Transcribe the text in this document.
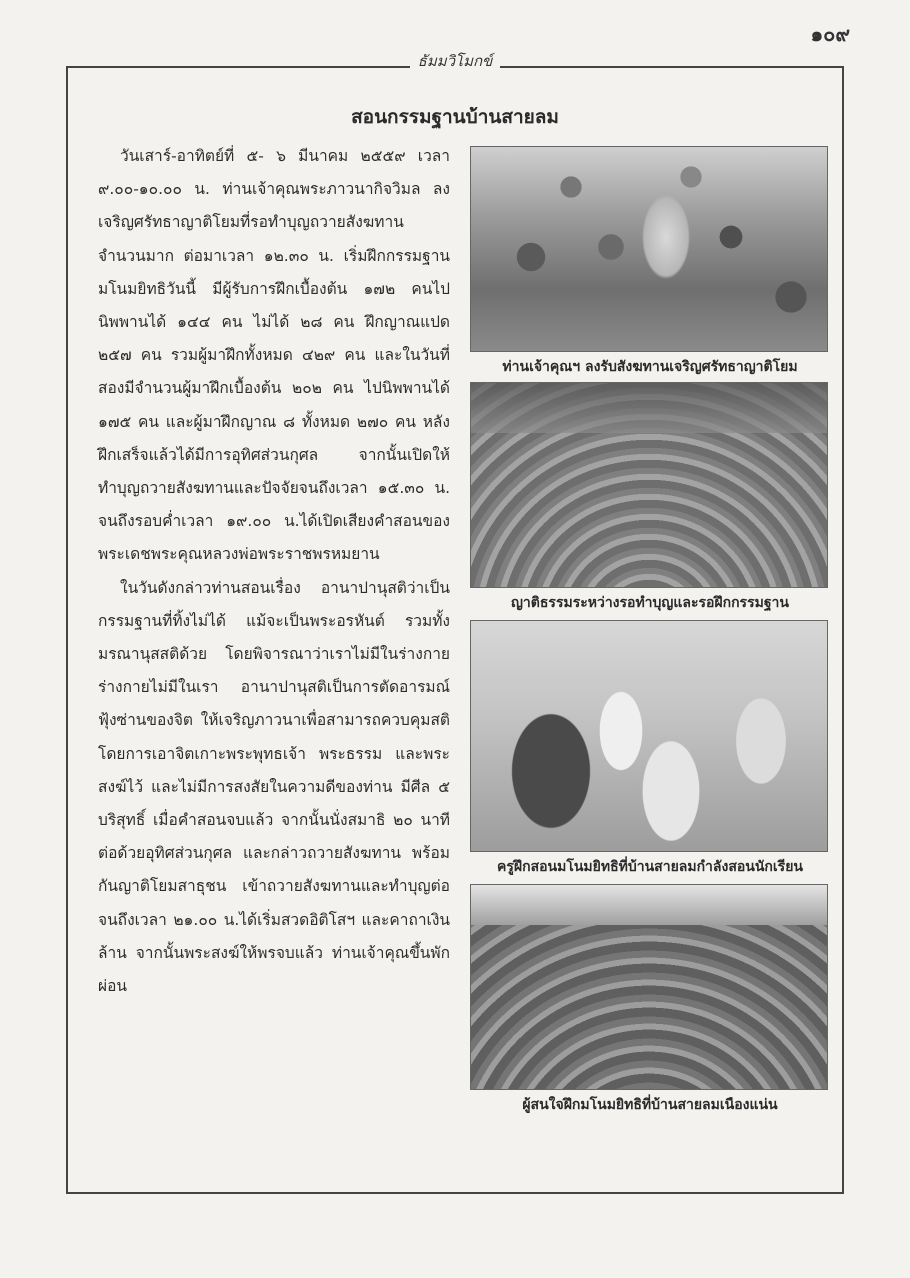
๑๐๙
ธัมมวิโมกข์
สอนกรรมฐานบ้านสายลม

วันเสาร์-อาทิตย์ที่ ๕- ๖ มีนาคม ๒๕๕๙ เวลา ๙.๐๐-๑๐.๐๐ น. ท่านเจ้าคุณพระภาวนากิจวิมล ลงเจริญศรัทธาญาติโยมที่รอทำบุญถวายสังฆทาน จำนวนมาก ต่อมาเวลา ๑๒.๓๐ น. เริ่มฝึกกรรมฐานมโนมยิทธิวันนี้ มีผู้รับการฝึกเบื้องต้น ๑๗๒ คนไปนิพพานได้ ๑๔๔ คน ไม่ได้ ๒๘ คน ฝึกญาณแปด ๒๕๗ คน รวมผู้มาฝึกทั้งหมด ๔๒๙ คน และในวันที่สองมีจำนวนผู้มาฝึกเบื้องต้น ๒๐๒ คน ไปนิพพานได้ ๑๗๕ คน และผู้มาฝึกญาณ ๘ ทั้งหมด ๒๗๐ คน หลังฝึกเสร็จแล้วได้มีการอุทิศส่วนกุศล จากนั้นเปิดให้ทำบุญถวายสังฆทานและปัจจัยจนถึงเวลา ๑๕.๓๐ น. จนถึงรอบค่ำเวลา ๑๙.๐๐ น.ได้เปิดเสียงคำสอนของพระเดชพระคุณหลวงพ่อพระราชพรหมยาน

ในวันดังกล่าวท่านสอนเรื่อง อานาปานุสติว่าเป็นกรรมฐานที่ทิ้งไม่ได้ แม้จะเป็นพระอรหันต์ รวมทั้งมรณานุสสติด้วย โดยพิจารณาว่าเราไม่มีในร่างกาย ร่างกายไม่มีในเรา อานาปานุสติเป็นการตัดอารมณ์ฟุ้งซ่านของจิต ให้เจริญภาวนาเพื่อสามารถควบคุมสติ โดยการเอาจิตเกาะพระพุทธเจ้า พระธรรม และพระสงฆ์ไว้ และไม่มีการสงสัยในความดีของท่าน มีศีล ๕ บริสุทธิ์ เมื่อคำสอนจบแล้ว จากนั้นนั่งสมาธิ ๒๐ นาที ต่อด้วยอุทิศส่วนกุศล และกล่าวถวายสังฆทาน พร้อมกันญาติโยมสาธุชน เข้าถวายสังฆทานและทำบุญต่อ จนถึงเวลา ๒๑.๐๐ น.ได้เริ่มสวดอิติโสฯ และคาถาเงินล้าน จากนั้นพระสงฆ์ให้พรจบแล้ว ท่านเจ้าคุณขึ้นพักผ่อน

ท่านเจ้าคุณฯ ลงรับสังฆทานเจริญศรัทธาญาติโยม
ญาติธรรมระหว่างรอทำบุญและรอฝึกกรรมฐาน
ครูฝึกสอนมโนมยิทธิที่บ้านสายลมกำลังสอนนักเรียน
ผู้สนใจฝึกมโนมยิทธิที่บ้านสายลมเนืองแน่น
